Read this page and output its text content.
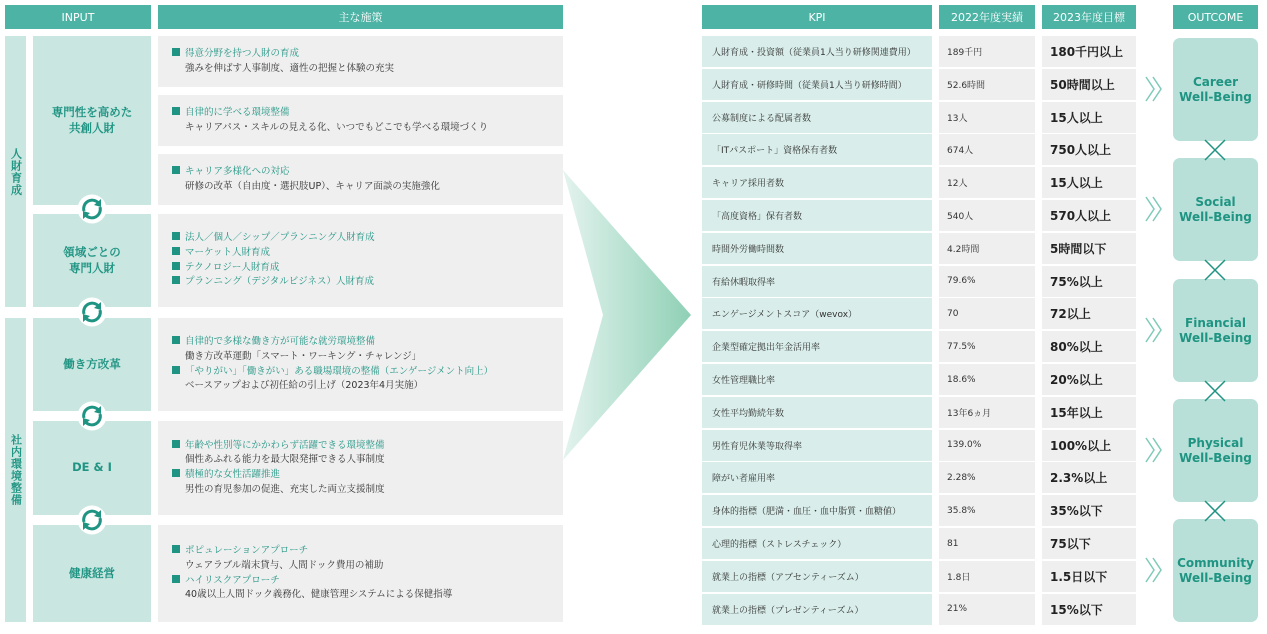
INPUT	主な施策	KPI	2022年度実績	2023年度目標	OUTCOME
人財育成
社内環境整備
専門性を高めた
共創人財
領域ごとの
専門人財
働き方改革
DE & I
健康経営
得意分野を持つ人財の育成
強みを伸ばす人事制度、適性の把握と体験の充実
自律的に学べる環境整備
キャリアパス・スキルの見える化、いつでもどこでも学べる環境づくり
キャリア多様化への対応
研修の改革（自由度・選択肢UP）、キャリア面談の実施強化
法人／個人／シップ／プランニング人財育成
マーケット人財育成
テクノロジー人財育成
プランニング（デジタルビジネス）人財育成
自律的で多様な働き方が可能な就労環境整備
働き方改革運動「スマート・ワーキング・チャレンジ」
「やりがい」「働きがい」ある職場環境の整備（エンゲージメント向上）
ベースアップおよび初任給の引上げ（2023年4月実施）
年齢や性別等にかかわらず活躍できる環境整備
個性あふれる能力を最大限発揮できる人事制度
積極的な女性活躍推進
男性の育児参加の促進、充実した両立支援制度
ポピュレーションアプローチ
ウェアラブル端末貸与、人間ドック費用の補助
ハイリスクアプローチ
40歳以上人間ドック義務化、健康管理システムによる保健指導
人財育成・投資額（従業員1人当り研修関連費用）	189千円	180千円以上
人財育成・研修時間（従業員1人当り研修時間）	52.6時間	50時間以上
公募制度による配属者数	13人	15人以上
「ITパスポート」資格保有者数	674人	750人以上
キャリア採用者数	12人	15人以上
「高度資格」保有者数	540人	570人以上
時間外労働時間数	4.2時間	5時間以下
有給休暇取得率	79.6%	75%以上
エンゲージメントスコア（wevox）	70	72以上
企業型確定拠出年金活用率	77.5%	80%以上
女性管理職比率	18.6%	20%以上
女性平均勤続年数	13年6ヵ月	15年以上
男性育児休業等取得率	139.0%	100%以上
障がい者雇用率	2.28%	2.3%以上
身体的指標（肥満・血圧・血中脂質・血糖値）	35.8%	35%以下
心理的指標（ストレスチェック）	81	75以下
就業上の指標（アブセンティーズム）	1.8日	1.5日以下
就業上の指標（プレゼンティーズム）	21%	15%以下
Career
Well-Being
Social
Well-Being
Financial
Well-Being
Physical
Well-Being
Community
Well-Being
